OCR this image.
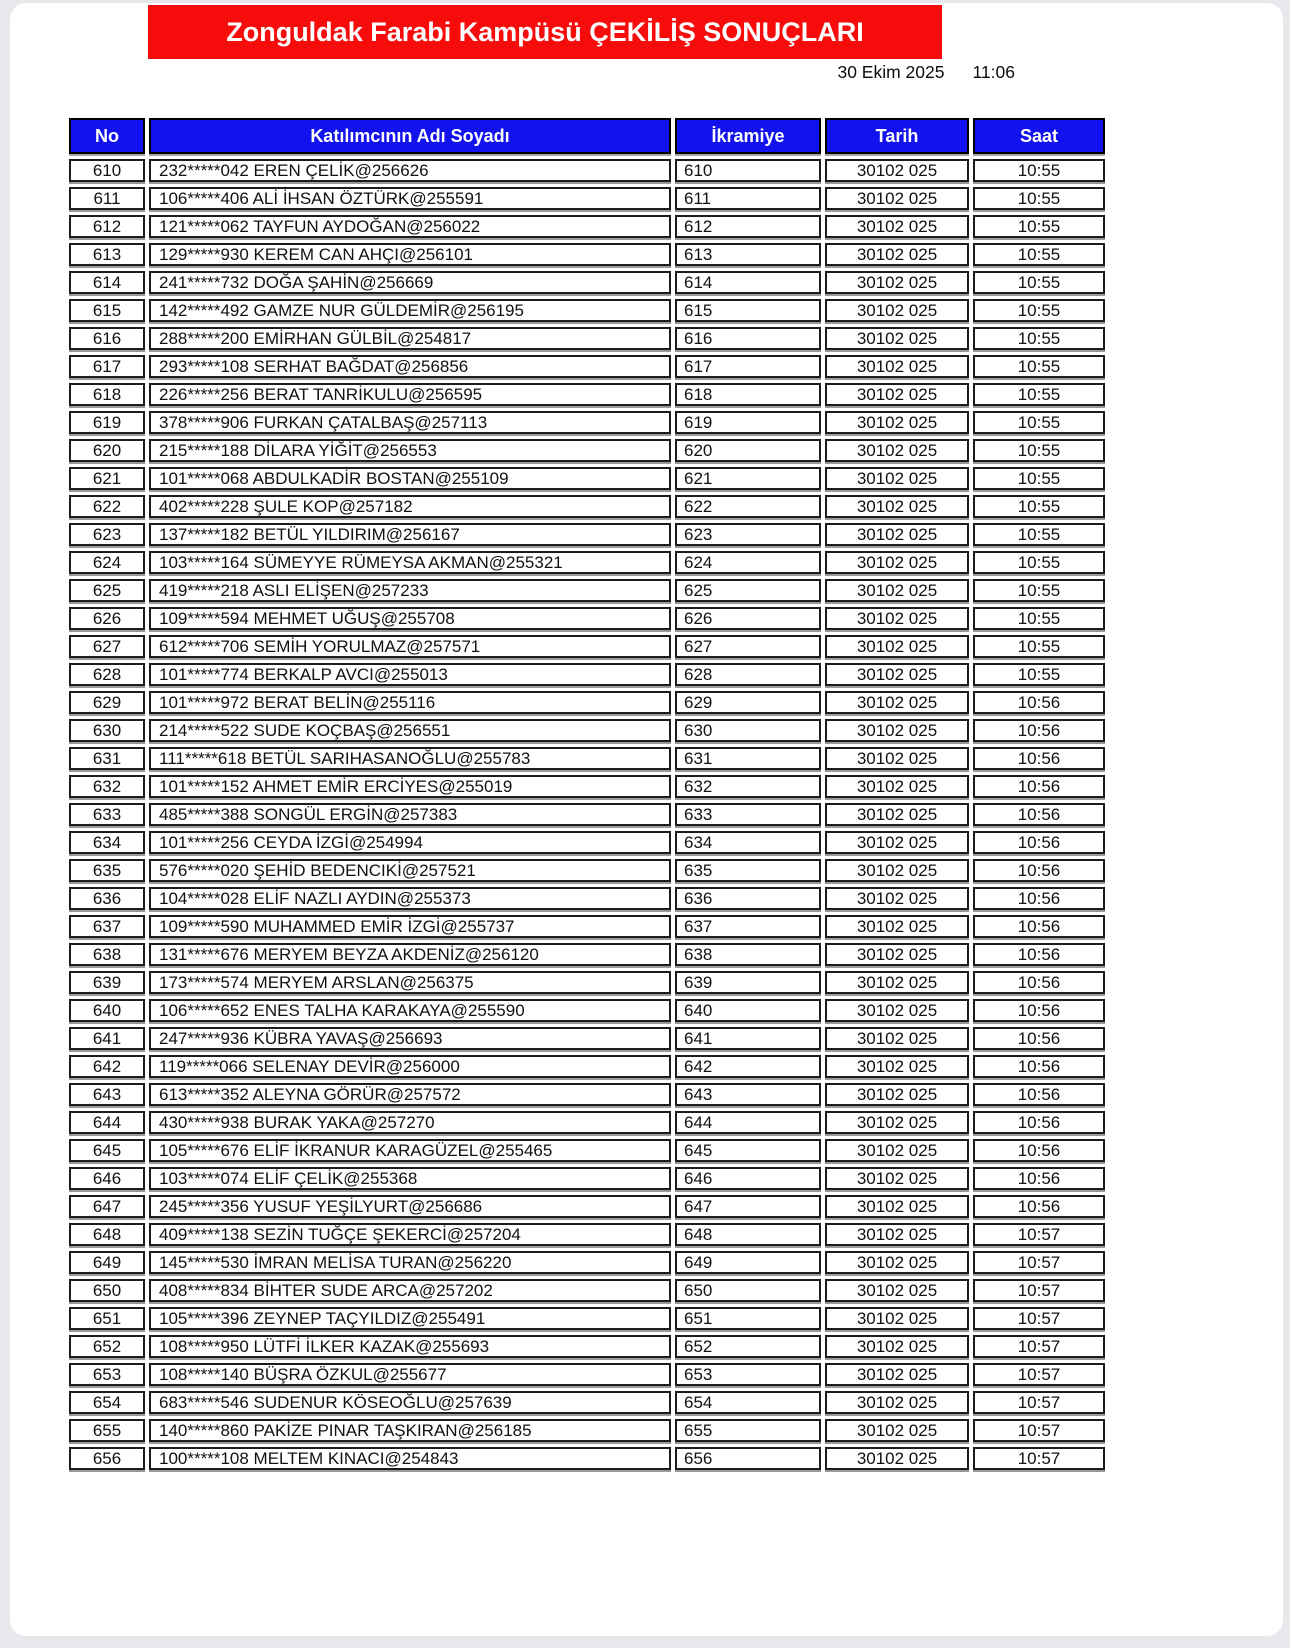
Zonguldak Farabi Kampüsü ÇEKİLİŞ SONUÇLARI
30 Ekim 2025 11:06
No	Katılımcının Adı Soyadı	İkramiye	Tarih	Saat
610	232*****042 EREN ÇELİK@256626	610	30102 025	10:55
611	106*****406 ALİ İHSAN ÖZTÜRK@255591	611	30102 025	10:55
612	121*****062 TAYFUN AYDOĞAN@256022	612	30102 025	10:55
613	129*****930 KEREM CAN AHÇI@256101	613	30102 025	10:55
614	241*****732 DOĞA ŞAHİN@256669	614	30102 025	10:55
615	142*****492 GAMZE NUR GÜLDEMİR@256195	615	30102 025	10:55
616	288*****200 EMİRHAN GÜLBİL@254817	616	30102 025	10:55
617	293*****108 SERHAT BAĞDAT@256856	617	30102 025	10:55
618	226*****256 BERAT TANRİKULU@256595	618	30102 025	10:55
619	378*****906 FURKAN ÇATALBAŞ@257113	619	30102 025	10:55
620	215*****188 DİLARA YİĞİT@256553	620	30102 025	10:55
621	101*****068 ABDULKADİR BOSTAN@255109	621	30102 025	10:55
622	402*****228 ŞULE KOP@257182	622	30102 025	10:55
623	137*****182 BETÜL YILDIRIM@256167	623	30102 025	10:55
624	103*****164 SÜMEYYE RÜMEYSA AKMAN@255321	624	30102 025	10:55
625	419*****218 ASLI ELİŞEN@257233	625	30102 025	10:55
626	109*****594 MEHMET UĞUŞ@255708	626	30102 025	10:55
627	612*****706 SEMİH YORULMAZ@257571	627	30102 025	10:55
628	101*****774 BERKALP AVCI@255013	628	30102 025	10:55
629	101*****972 BERAT BELİN@255116	629	30102 025	10:56
630	214*****522 SUDE KOÇBAŞ@256551	630	30102 025	10:56
631	111*****618 BETÜL SARIHASANOĞLU@255783	631	30102 025	10:56
632	101*****152 AHMET EMİR ERCİYES@255019	632	30102 025	10:56
633	485*****388 SONGÜL ERGİN@257383	633	30102 025	10:56
634	101*****256 CEYDA İZGİ@254994	634	30102 025	10:56
635	576*****020 ŞEHİD BEDENCIKİ@257521	635	30102 025	10:56
636	104*****028 ELİF NAZLI AYDIN@255373	636	30102 025	10:56
637	109*****590 MUHAMMED EMİR İZGİ@255737	637	30102 025	10:56
638	131*****676 MERYEM BEYZA AKDENİZ@256120	638	30102 025	10:56
639	173*****574 MERYEM ARSLAN@256375	639	30102 025	10:56
640	106*****652 ENES TALHA KARAKAYA@255590	640	30102 025	10:56
641	247*****936 KÜBRA YAVAŞ@256693	641	30102 025	10:56
642	119*****066 SELENAY DEVİR@256000	642	30102 025	10:56
643	613*****352 ALEYNA GÖRÜR@257572	643	30102 025	10:56
644	430*****938 BURAK YAKA@257270	644	30102 025	10:56
645	105*****676 ELİF İKRANUR KARAGÜZEL@255465	645	30102 025	10:56
646	103*****074 ELİF ÇELİK@255368	646	30102 025	10:56
647	245*****356 YUSUF YEŞİLYURT@256686	647	30102 025	10:56
648	409*****138 SEZİN TUĞÇE ŞEKERCİ@257204	648	30102 025	10:57
649	145*****530 İMRAN MELİSA TURAN@256220	649	30102 025	10:57
650	408*****834 BİHTER SUDE ARCA@257202	650	30102 025	10:57
651	105*****396 ZEYNEP TAÇYILDIZ@255491	651	30102 025	10:57
652	108*****950 LÜTFİ İLKER KAZAK@255693	652	30102 025	10:57
653	108*****140 BÜŞRA ÖZKUL@255677	653	30102 025	10:57
654	683*****546 SUDENUR KÖSEOĞLU@257639	654	30102 025	10:57
655	140*****860 PAKİZE PINAR TAŞKIRAN@256185	655	30102 025	10:57
656	100*****108 MELTEM KINACI@254843	656	30102 025	10:57
